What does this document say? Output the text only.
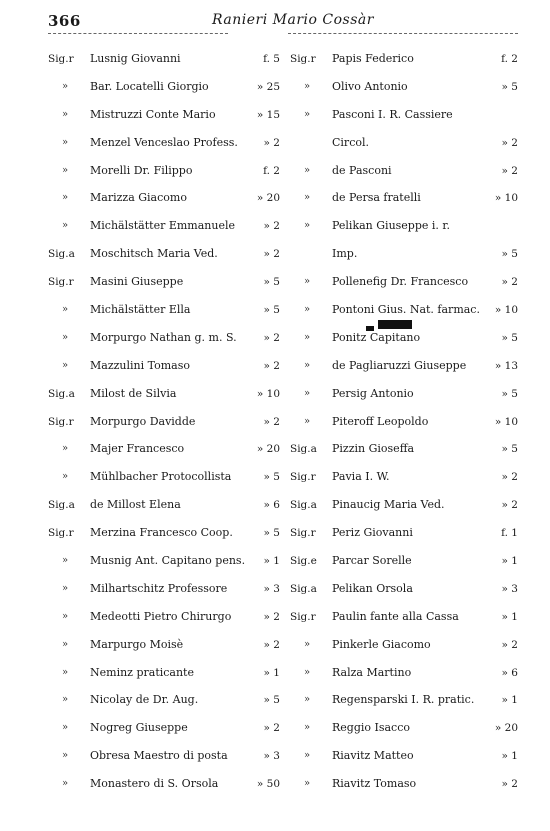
366	Ranieri Mario Cossàr
Sig.r	Lusnig Giovanni	f. 5
»	Bar. Locatelli Giorgio	» 25
»	Mistruzzi Conte Mario	» 15
»	Menzel Venceslao Profess.	» 2
»	Morelli Dr. Filippo	f. 2
»	Marizza Giacomo	» 20
»	Michälstätter Emmanuele	» 2
Sig.a	Moschitsch Maria Ved.	» 2
Sig.r	Masini Giuseppe	» 5
»	Michälstätter Ella	» 5
»	Morpurgo Nathan g. m. S.	» 2
»	Mazzulini Tomaso	» 2
Sig.a	Milost de Silvia	» 10
Sig.r	Morpurgo Davidde	» 2
»	Majer Francesco	» 20
»	Mühlbacher Protocollista	» 5
Sig.a	de Millost Elena	» 6
Sig.r	Merzina Francesco Coop.	» 5
»	Musnig Ant. Capitano pens.	» 1
»	Milhartschitz Professore	» 3
»	Medeotti Pietro Chirurgo	» 2
»	Marpurgo Moisè	» 2
»	Neminz praticante	» 1
»	Nicolay de Dr. Aug.	» 5
»	Nogreg Giuseppe	» 2
»	Obresa Maestro di posta	» 3
»	Monastero di S. Orsola	» 50
Sig.r	Papis Federico	f. 2
»	Olivo Antonio	» 5
»	Pasconi I. R. Cassiere
Circol.	» 2
»	de Pasconi	» 2
»	de Persa fratelli	» 10
»	Pelikan Giuseppe i. r.
Imp.	» 5
»	Pollenefig Dr. Francesco	» 2
»	Pontoni Gius. Nat. farmac.	» 10
»	Ponitz Capitano	» 5
»	de Pagliaruzzi Giuseppe	» 13
»	Persig Antonio	» 5
»	Piteroff Leopoldo	» 10
Sig.a	Pizzin Gioseffa	» 5
Sig.r	Pavia I. W.	» 2
Sig.a	Pinaucig Maria Ved.	» 2
Sig.r	Periz Giovanni	f. 1
Sig.e	Parcar Sorelle	» 1
Sig.a	Pelikan Orsola	» 3
Sig.r	Paulin fante alla Cassa	» 1
»	Pinkerle Giacomo	» 2
»	Ralza Martino	» 6
»	Regensparski I. R. pratic.	» 1
»	Reggio Isacco	» 20
»	Riavitz Matteo	» 1
»	Riavitz Tomaso	» 2
